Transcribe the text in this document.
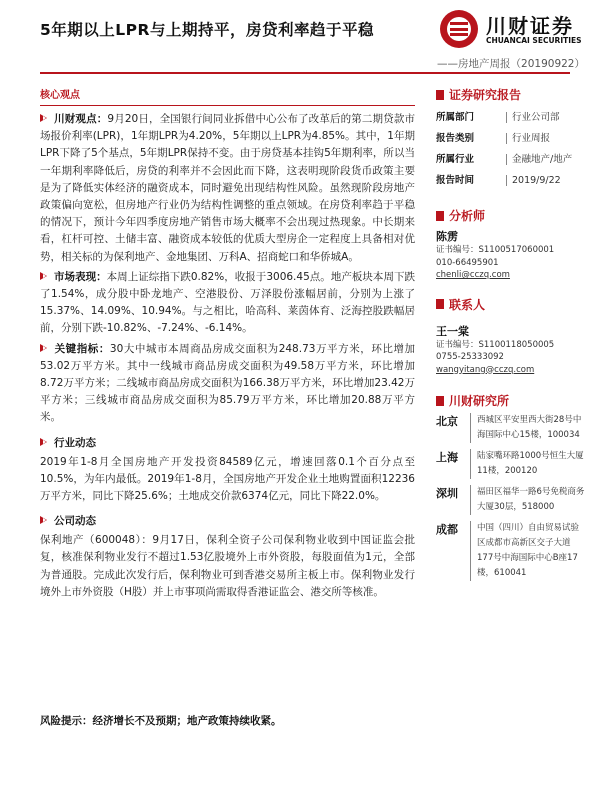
5年期以上LPR与上期持平，房贷利率趋于平稳	川财证券
CHUANCAI SECURITIES
——房地产周报（20190922）
核心观点

川财观点：9月20日，全国银行间同业拆借中心公布了改革后的第二期贷款市场报价利率(LPR)，1年期LPR为4.20%，5年期以上LPR为4.85%。其中，1年期LPR下降了5个基点，5年期LPR保持不变。由于房贷基本挂钩5年期利率，所以当一年期利率降低后，房贷的利率并不会因此而下降，这表明现阶段货币政策主要是为了降低实体经济的融资成本，同时避免出现结构性风险。虽然现阶段房地产政策偏向宽松，但房地产行业仍为结构性调整的重点领域。在房贷利率趋于平稳的情况下，预计今年四季度房地产销售市场大概率不会出现过热现象。中长期来看，杠杆可控、土储丰富、融资成本较低的优质大型房企一定程度上具备相对优势，相关标的为保利地产、金地集团、万科A、招商蛇口和华侨城A。

市场表现：本周上证综指下跌0.82%，收报于3006.45点。地产板块本周下跌了1.54%，成分股中卧龙地产、空港股份、万泽股份涨幅居前，分别为上涨了15.37%、14.09%、10.94%。与之相比，哈高科、莱茵体育、泛海控股跌幅居前，分别下跌-10.82%、-7.24%、-6.14%。

关键指标：30大中城市本周商品房成交面积为248.73万平方米，环比增加53.02万平方米。其中一线城市商品房成交面积为49.58万平方米，环比增加8.72万平方米；二线城市商品房成交面积为166.38万平方米，环比增加23.42万平方米；三线城市商品房成交面积为85.79万平方米，环比增加20.88万平方米。

行业动态

2019年1-8月全国房地产开发投资84589亿元，增速回落0.1个百分点至10.5%，为年内最低。2019年1-8月，全国房地产开发企业土地购置面积12236万平方米，同比下降25.6%；土地成交价款6374亿元，同比下降22.0%。

公司动态

保利地产（600048）：9月17日，保利全资子公司保利物业收到中国证监会批复，核准保利物业发行不超过1.53亿股境外上市外资股，每股面值为1元，全部为普通股。完成此次发行后，保利物业可到香港交易所主板上市。保利物业发行境外上市外资股（H股）并上市事项尚需取得香港证监会、港交所等核准。

风险提示：经济增长不及预期；地产政策持续收紧。
证券研究报告
所属部门	行业公司部
报告类别	行业周报
所属行业	金融地产/地产
报告时间	2019/9/22
分析师
陈雳
证书编号：S1100517060001
010-66495901
chenli@cczq.com
联系人
王一棠
证书编号：S1100118050005
0755-25333092
wangyitang@cczq.com
川财研究所
北京	西城区平安里西大街28号中海国际中心15楼，100034
上海	陆家嘴环路1000号恒生大厦11楼，200120
深圳	福田区福华一路6号免税商务大厦30层，518000
成都	中国（四川）自由贸易试验区成都市高新区交子大道177号中海国际中心B座17楼，610041
